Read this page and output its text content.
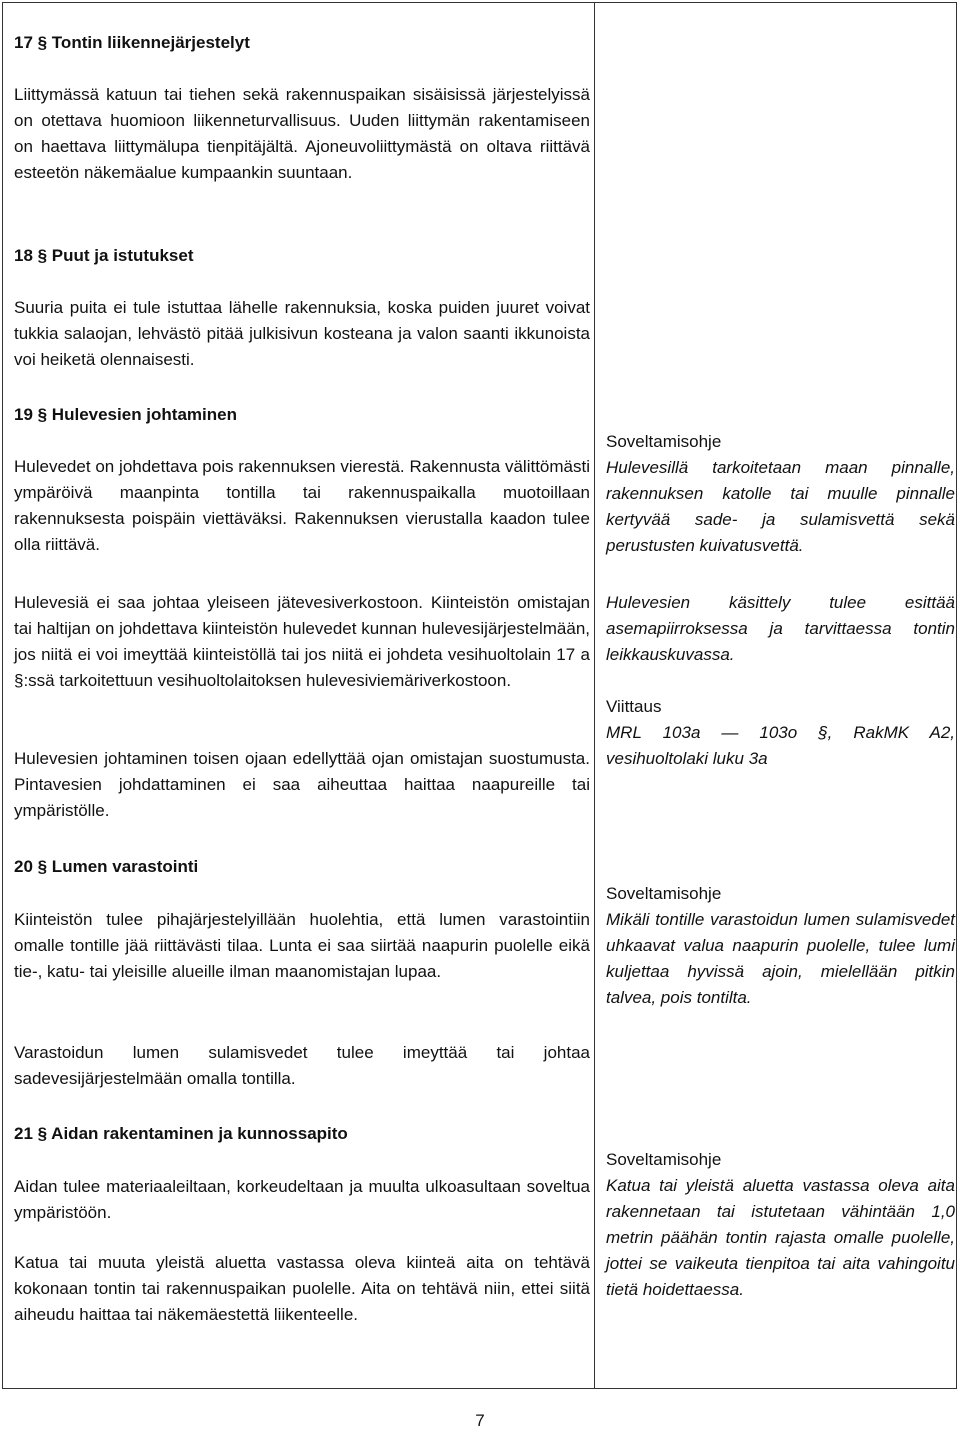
17 § Tontin liikennejärjestelyt

Liittymässä katuun tai tiehen sekä rakennuspaikan sisäisissä järjestelyissä on otettava huomioon liikenneturvallisuus. Uuden liittymän rakentamiseen on haettava liittymälupa tienpitäjältä. Ajoneuvoliittymästä on oltava riittävä esteetön näkemäalue kumpaankin suuntaan.

18 § Puut ja istutukset

Suuria puita ei tule istuttaa lähelle rakennuksia, koska puiden juuret voivat tukkia salaojan, lehvästö pitää julkisivun kosteana ja valon saanti ikkunoista voi heiketä olennaisesti.

19 § Hulevesien johtaminen

Hulevedet on johdettava pois rakennuksen vierestä. Rakennusta välittömästi ympäröivä maanpinta tontilla tai rakennuspaikalla muotoillaan rakennuksesta poispäin viettäväksi. Rakennuksen vierustalla kaadon tulee olla riittävä.

Hulevesiä ei saa johtaa yleiseen jätevesiverkostoon. Kiinteistön omistajan tai haltijan on johdettava kiinteistön hulevedet kunnan hulevesijärjestelmään, jos niitä ei voi imeyttää kiinteistöllä tai jos niitä ei johdeta vesihuoltolain 17 a §:ssä tarkoitettuun vesihuoltolaitoksen hulevesiviemäriverkostoon.

Hulevesien johtaminen toisen ojaan edellyttää ojan omistajan suostumusta. Pintavesien johdattaminen ei saa aiheuttaa haittaa naapureille tai ympäristölle.

20 § Lumen varastointi

Kiinteistön tulee pihajärjestelyillään huolehtia, että lumen varastointiin omalle tontille jää riittävästi tilaa. Lunta ei saa siirtää naapurin puolelle eikä tie-, katu- tai yleisille alueille ilman maanomistajan lupaa.

Varastoidun lumen sulamisvedet tulee imeyttää tai johtaa sadevesijärjestelmään omalla tontilla.

21 § Aidan rakentaminen ja kunnossapito

Aidan tulee materiaaleiltaan, korkeudeltaan ja muulta ulkoasultaan soveltua ympäristöön.

Katua tai muuta yleistä aluetta vastassa oleva kiinteä aita on tehtävä kokonaan tontin tai rakennuspaikan puolelle. Aita on tehtävä niin, ettei siitä aiheudu haittaa tai näkemäestettä liikenteelle.

Soveltamisohje

Hulevesillä tarkoitetaan maan pinnalle, rakennuksen katolle tai muulle pinnalle kertyvää sade- ja sulamisvettä sekä perustusten kuivatusvettä.

Hulevesien käsittely tulee esittää asemapiirroksessa ja tarvittaessa tontin leikkauskuvassa.

Viittaus

MRL 103a — 103o §, RakMK A2, vesihuoltolaki luku 3a

Soveltamisohje

Mikäli tontille varastoidun lumen sulamisvedet uhkaavat valua naapurin puolelle, tulee lumi kuljettaa hyvissä ajoin, mielellään pitkin talvea, pois tontilta.

Soveltamisohje

Katua tai yleistä aluetta vastassa oleva aita rakennetaan tai istutetaan vähintään 1,0 metrin päähän tontin rajasta omalle puolelle, jottei se vaikeuta tienpitoa tai aita vahingoitu tietä hoidettaessa.

7
